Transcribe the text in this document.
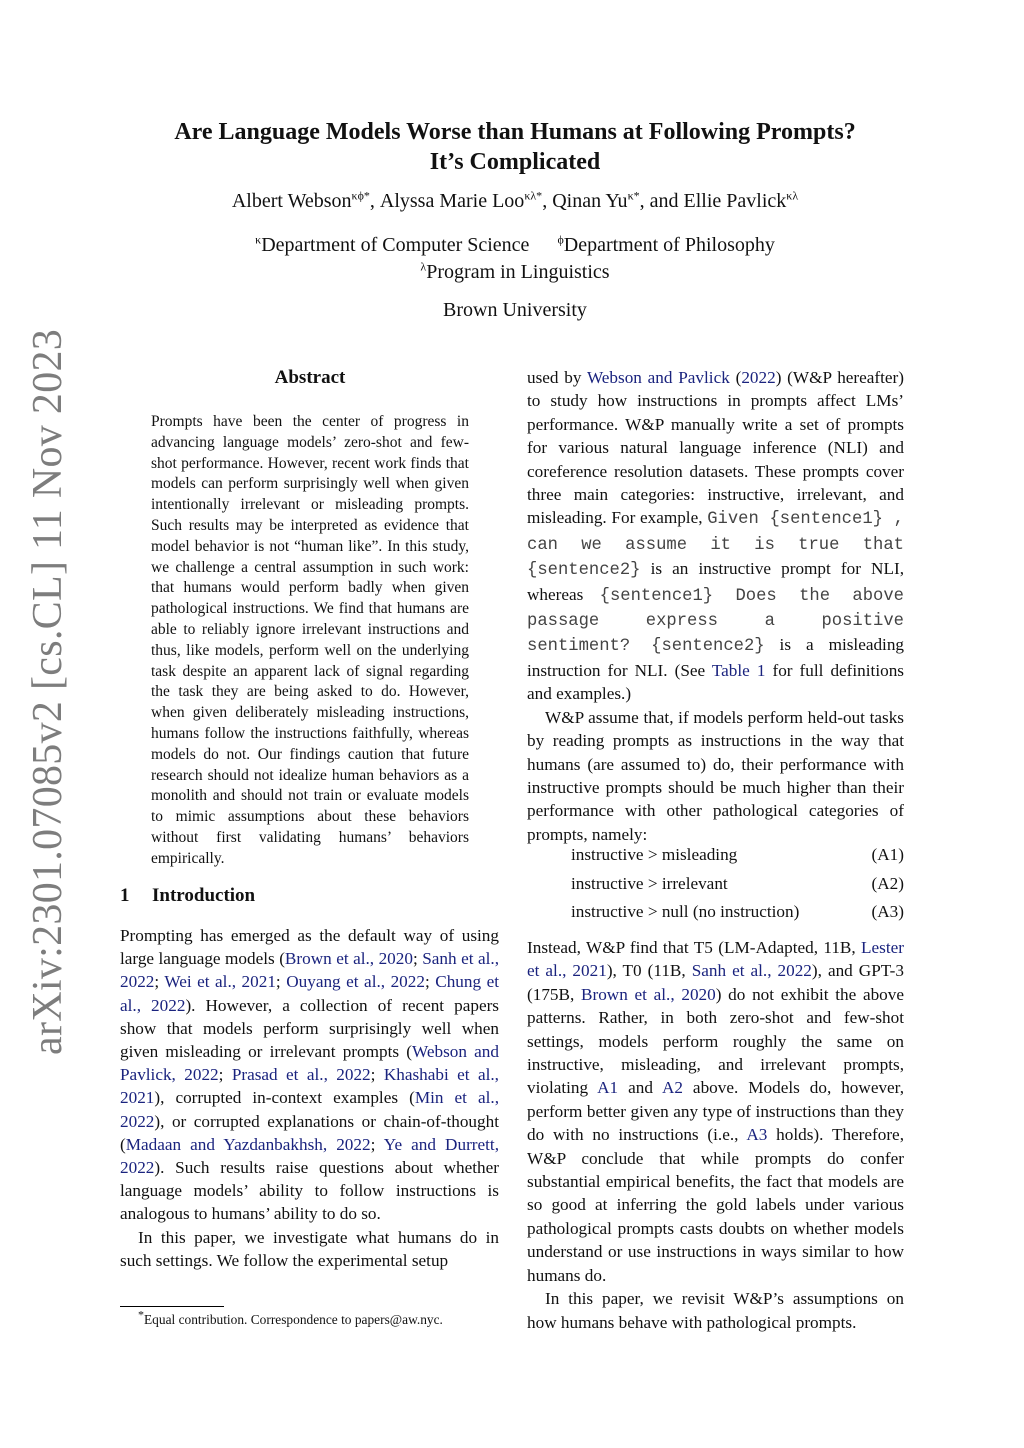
arXiv:2301.07085v2 [cs.CL] 11 Nov 2023
Are Language Models Worse than Humans at Following Prompts?
It’s Complicated
Albert Webson$^{\kappa\phi*}$, Alyssa Marie Loo$^{\kappa\lambda*}$, Qinan $Yu^{\kappa*}$, and Ellie Pavlick$^{\kappa\lambda}$
$^\kappa$Department of Computer Science $^\phi$Department of Philosophy
$^\lambda$Program in Linguistics
Brown University
Abstract
Prompts have been the center of progress in advancing language models’ zero-shot and few-shot performance. However, recent work finds that models can perform surprisingly well when given intentionally irrelevant or misleading prompts. Such results may be interpreted as evidence that model behavior is not “human like”. In this study, we challenge a central assumption in such work: that humans would perform badly when given pathological instructions. We find that humans are able to reliably ignore irrelevant instructions and thus, like models, perform well on the underlying task despite an apparent lack of signal regarding the task they are being asked to do. However, when given deliberately misleading instructions, humans follow the instructions faithfully, whereas models do not. Our findings caution that future research should not idealize human behaviors as a monolith and should not train or evaluate models to mimic assumptions about these behaviors without first validating humans’ behaviors empirically.
1 Introduction

Prompting has emerged as the default way of using large language models (Brown et al., 2020; Sanh et al., 2022; Wei et al., 2021; Ouyang et al., 2022; Chung et al., 2022). However, a collection of recent papers show that models perform surprisingly well when given misleading or irrelevant prompts (Webson and Pavlick, 2022; Prasad et al., 2022; Khashabi et al., 2021), corrupted in-context examples (Min et al., 2022), or corrupted explanations or chain-of-thought (Madaan and Yazdanbakhsh, 2022; Ye and Durrett, 2022). Such results raise questions about whether language models’ ability to follow instructions is analogous to humans’ ability to do so.

In this paper, we investigate what humans do in such settings. We follow the experimental setup

*Equal contribution. Correspondence to papers@aw.nyc.

used by Webson and Pavlick (2022) (W&P hereafter) to study how instructions in prompts affect LMs’ performance. W&P manually write a set of prompts for various natural language inference (NLI) and coreference resolution datasets. These prompts cover three main categories: instructive, irrelevant, and misleading. For example, Given {sentence1} , can we assume it is true that {sentence2} is an instructive prompt for NLI, whereas {sentence1} Does the above passage express a positive sentiment? {sentence2} is a misleading instruction for NLI. (See Table 1 for full definitions and examples.)

W&P assume that, if models perform held-out tasks by reading prompts as instructions in the way that humans (are assumed to) do, their performance with instructive prompts should be much higher than their performance with other pathological categories of prompts, namely:

instructive > misleading	(A1)
instructive > irrelevant	(A2)
instructive > null (no instruction)	(A3)

Instead, W&P find that T5 (LM-Adapted, 11B, Lester et al., 2021), T0 (11B, Sanh et al., 2022), and GPT-3 (175B, Brown et al., 2020) do not exhibit the above patterns. Rather, in both zero-shot and few-shot settings, models perform roughly the same on instructive, misleading, and irrelevant prompts, violating A1 and A2 above. Models do, however, perform better given any type of instructions than they do with no instructions (i.e., A3 holds). Therefore, W&P conclude that while prompts do confer substantial empirical benefits, the fact that models are so good at inferring the gold labels under various pathological prompts casts doubts on whether models understand or use instructions in ways similar to how humans do.

In this paper, we revisit W&P’s assumptions on how humans behave with pathological prompts.
